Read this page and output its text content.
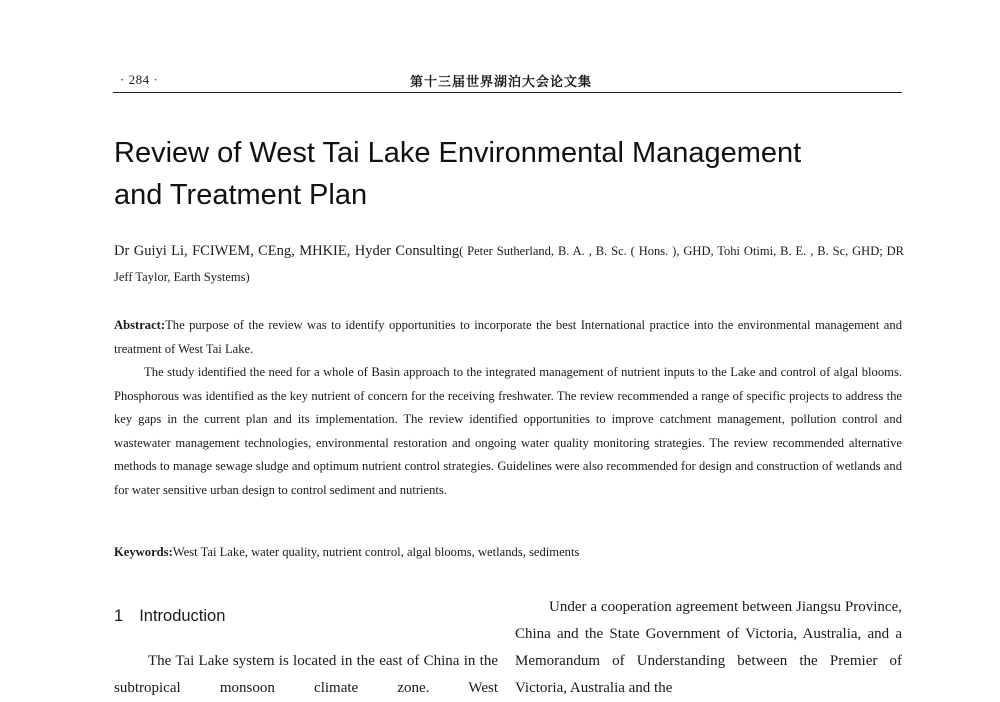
· 284 ·	第十三届世界湖泊大会论文集
Review of West Tai Lake Environmental Management
and Treatment Plan
Dr Guiyi Li, FCIWEM, CEng, MHKIE, Hyder Consulting( Peter Sutherland, B. A. , B. Sc. ( Hons. ), GHD, Tohi Otimi, B. E. , B. Sc, GHD; DR Jeff Taylor, Earth Systems)

Abstract:The purpose of the review was to identify opportunities to incorporate the best International practice into the environmental management and treatment of West Tai Lake.

The study identified the need for a whole of Basin approach to the integrated management of nutrient inputs to the Lake and control of algal blooms. Phosphorous was identified as the key nutrient of concern for the receiving freshwater. The review recommended a range of specific projects to address the key gaps in the current plan and its implementation. The review identified opportunities to improve catchment management, pollution control and wastewater management technologies, environmental restoration and ongoing water quality monitoring strategies. The review recommended alternative methods to manage sewage sludge and optimum nutrient control strategies. Guidelines were also recommended for design and construction of wetlands and for water sensitive urban design to control sediment and nutrients.

Keywords:West Tai Lake, water quality, nutrient control, algal blooms, wetlands, sediments
1 Introduction

The Tai Lake system is located in the east of China in the subtropical monsoon climate zone. West

Under a cooperation agreement between Jiangsu Province, China and the State Government of Victoria, Australia, and a Memorandum of Understanding between the Premier of Victoria, Australia and the
